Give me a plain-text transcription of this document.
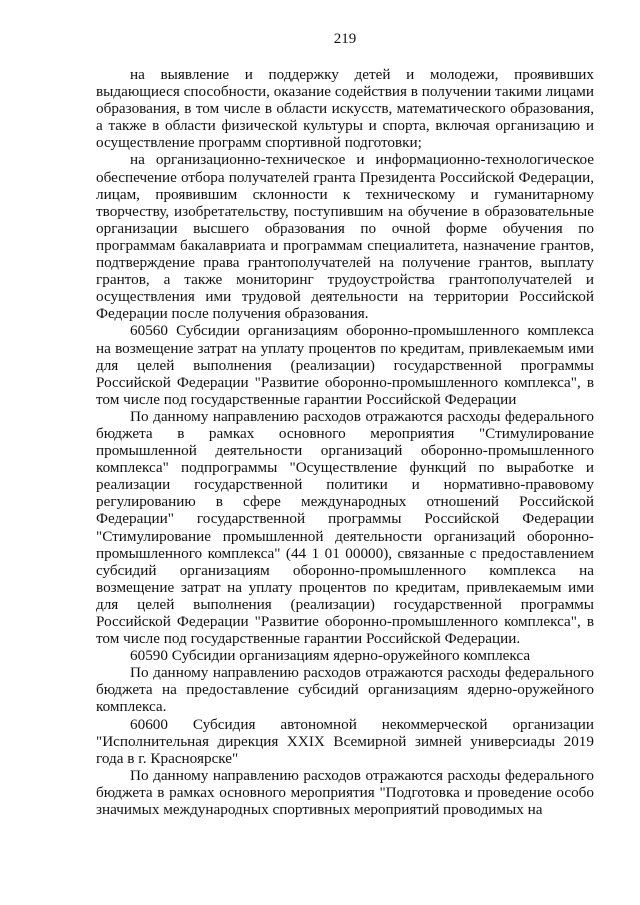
219

на выявление и поддержку детей и молодежи, проявивших выдающиеся способности, оказание содействия в получении такими лицами образования, в том числе в области искусств, математического образования, а также в области физической культуры и спорта, включая организацию и осуществление программ спортивной подготовки;

на организационно-техническое и информационно-технологическое обеспечение отбора получателей гранта Президента Российской Федерации, лицам, проявившим склонности к техническому и гуманитарному творчеству, изобретательству, поступившим на обучение в образовательные организации высшего образования по очной форме обучения по программам бакалавриата и программам специалитета, назначение грантов, подтверждение права грантополучателей на получение грантов, выплату грантов, а также мониторинг трудоустройства грантополучателей и осуществления ими трудовой деятельности на территории Российской Федерации после получения образования.

60560 Субсидии организациям оборонно-промышленного комплекса на возмещение затрат на уплату процентов по кредитам, привлекаемым ими для целей выполнения (реализации) государственной программы Российской Федерации "Развитие оборонно-промышленного комплекса", в том числе под государственные гарантии Российской Федерации

По данному направлению расходов отражаются расходы федерального бюджета в рамках основного мероприятия "Стимулирование промышленной деятельности организаций оборонно-промышленного комплекса" подпрограммы "Осуществление функций по выработке и реализации государственной политики и нормативно-правовому регулированию в сфере международных отношений Российской Федерации" государственной программы Российской Федерации "Стимулирование промышленной деятельности организаций оборонно-промышленного комплекса" (44 1 01 00000), связанные с предоставлением субсидий организациям оборонно-промышленного комплекса на возмещение затрат на уплату процентов по кредитам, привлекаемым ими для целей выполнения (реализации) государственной программы Российской Федерации "Развитие оборонно-промышленного комплекса", в том числе под государственные гарантии Российской Федерации.

60590 Субсидии организациям ядерно-оружейного комплекса

По данному направлению расходов отражаются расходы федерального бюджета на предоставление субсидий организациям ядерно-оружейного комплекса.

60600 Субсидия автономной некоммерческой организации "Исполнительная дирекция XXIX Всемирной зимней универсиады 2019 года в г. Красноярске"

По данному направлению расходов отражаются расходы федерального бюджета в рамках основного мероприятия "Подготовка и проведение особо значимых международных спортивных мероприятий проводимых на
